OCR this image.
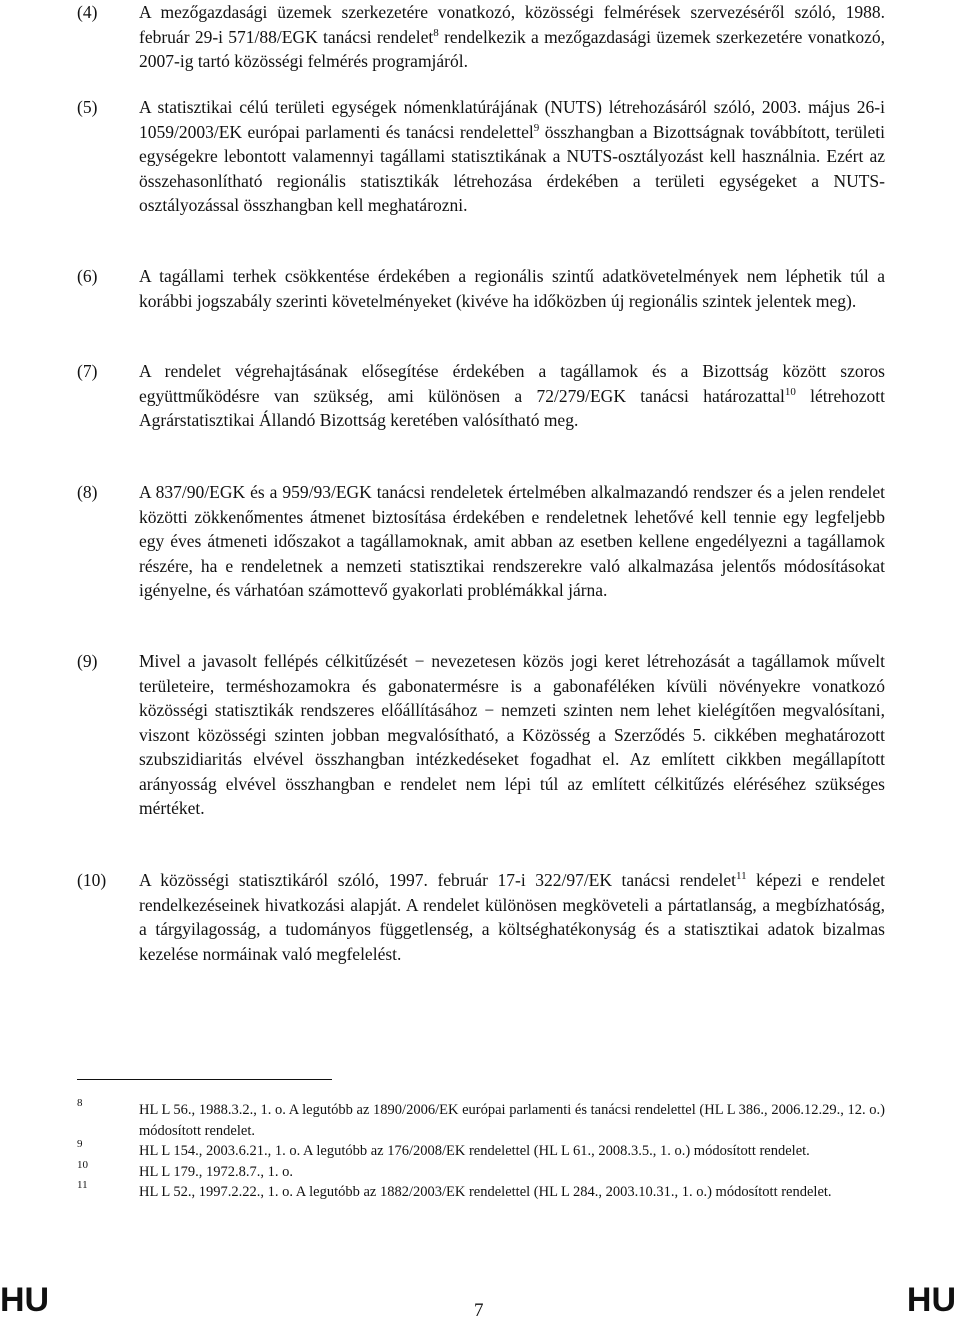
(4)	A mezőgazdasági üzemek szerkezetére vonatkozó, közösségi felmérések szervezéséről szóló, 1988. február 29-i 571/88/EGK tanácsi rendelet$^8$ rendelkezik a mezőgazdasági üzemek szerkezetére vonatkozó, 2007-ig tartó közösségi felmérés programjáról.
(5)	A statisztikai célú területi egységek nómenklatúrájának (NUTS) létrehozásáról szóló, 2003. május 26-i 1059/2003/EK európai parlamenti és tanácsi rendelettel$^9$ összhangban a Bizottságnak továbbított, területi egységekre lebontott valamennyi tagállami statisztikának a NUTS-osztályozást kell használnia. Ezért az összehasonlítható regionális statisztikák létrehozása érdekében a területi egységeket a NUTS-osztályozással összhangban kell meghatározni.
(6)	A tagállami terhek csökkentése érdekében a regionális szintű adatkövetelmények nem léphetik túl a korábbi jogszabály szerinti követelményeket (kivéve ha időközben új regionális szintek jelentek meg).
(7)	A rendelet végrehajtásának elősegítése érdekében a tagállamok és a Bizottság között szoros együttműködésre van szükség, ami különösen a 72/279/EGK tanácsi határozattal$^{10}$ létrehozott Agrárstatisztikai Állandó Bizottság keretében valósítható meg.
(8)	A 837/90/EGK és a 959/93/EGK tanácsi rendeletek értelmében alkalmazandó rendszer és a jelen rendelet közötti zökkenőmentes átmenet biztosítása érdekében e rendeletnek lehetővé kell tennie egy legfeljebb egy éves átmeneti időszakot a tagállamoknak, amit abban az esetben kellene engedélyezni a tagállamok részére, ha e rendeletnek a nemzeti statisztikai rendszerekre való alkalmazása jelentős módosításokat igényelne, és várhatóan számottevő gyakorlati problémákkal járna.
(9)	Mivel a javasolt fellépés célkitűzését − nevezetesen közös jogi keret létrehozását a tagállamok művelt területeire, terméshozamokra és gabonatermésre is a gabonaféléken kívüli növényekre vonatkozó közösségi statisztikák rendszeres előállításához − nemzeti szinten nem lehet kielégítően megvalósítani, viszont közösségi szinten jobban megvalósítható, a Közösség a Szerződés 5. cikkében meghatározott szubszidiaritás elvével összhangban intézkedéseket fogadhat el. Az említett cikkben megállapított arányosság elvével összhangban e rendelet nem lépi túl az említett célkitűzés eléréséhez szükséges mértéket.
(10)	A közösségi statisztikáról szóló, 1997. február 17-i 322/97/EK tanácsi rendelet$^{11}$ képezi e rendelet rendelkezéseinek hivatkozási alapját. A rendelet különösen megköveteli a pártatlanság, a megbízhatóság, a tárgyilagosság, a tudományos függetlenség, a költséghatékonyság és a statisztikai adatok bizalmas kezelése normáinak való megfelelést.
8	HL L 56., 1988.3.2., 1. o. A legutóbb az 1890/2006/EK európai parlamenti és tanácsi rendelettel (HL L 386., 2006.12.29., 12. o.) módosított rendelet.
9	HL L 154., 2003.6.21., 1. o. A legutóbb az 176/2008/EK rendelettel (HL L 61., 2008.3.5., 1. o.) módosított rendelet.
10	HL L 179., 1972.8.7., 1. o.
11	HL L 52., 1997.2.22., 1. o. A legutóbb az 1882/2003/EK rendelettel (HL L 284., 2003.10.31., 1. o.) módosított rendelet.
HU	7	HU
